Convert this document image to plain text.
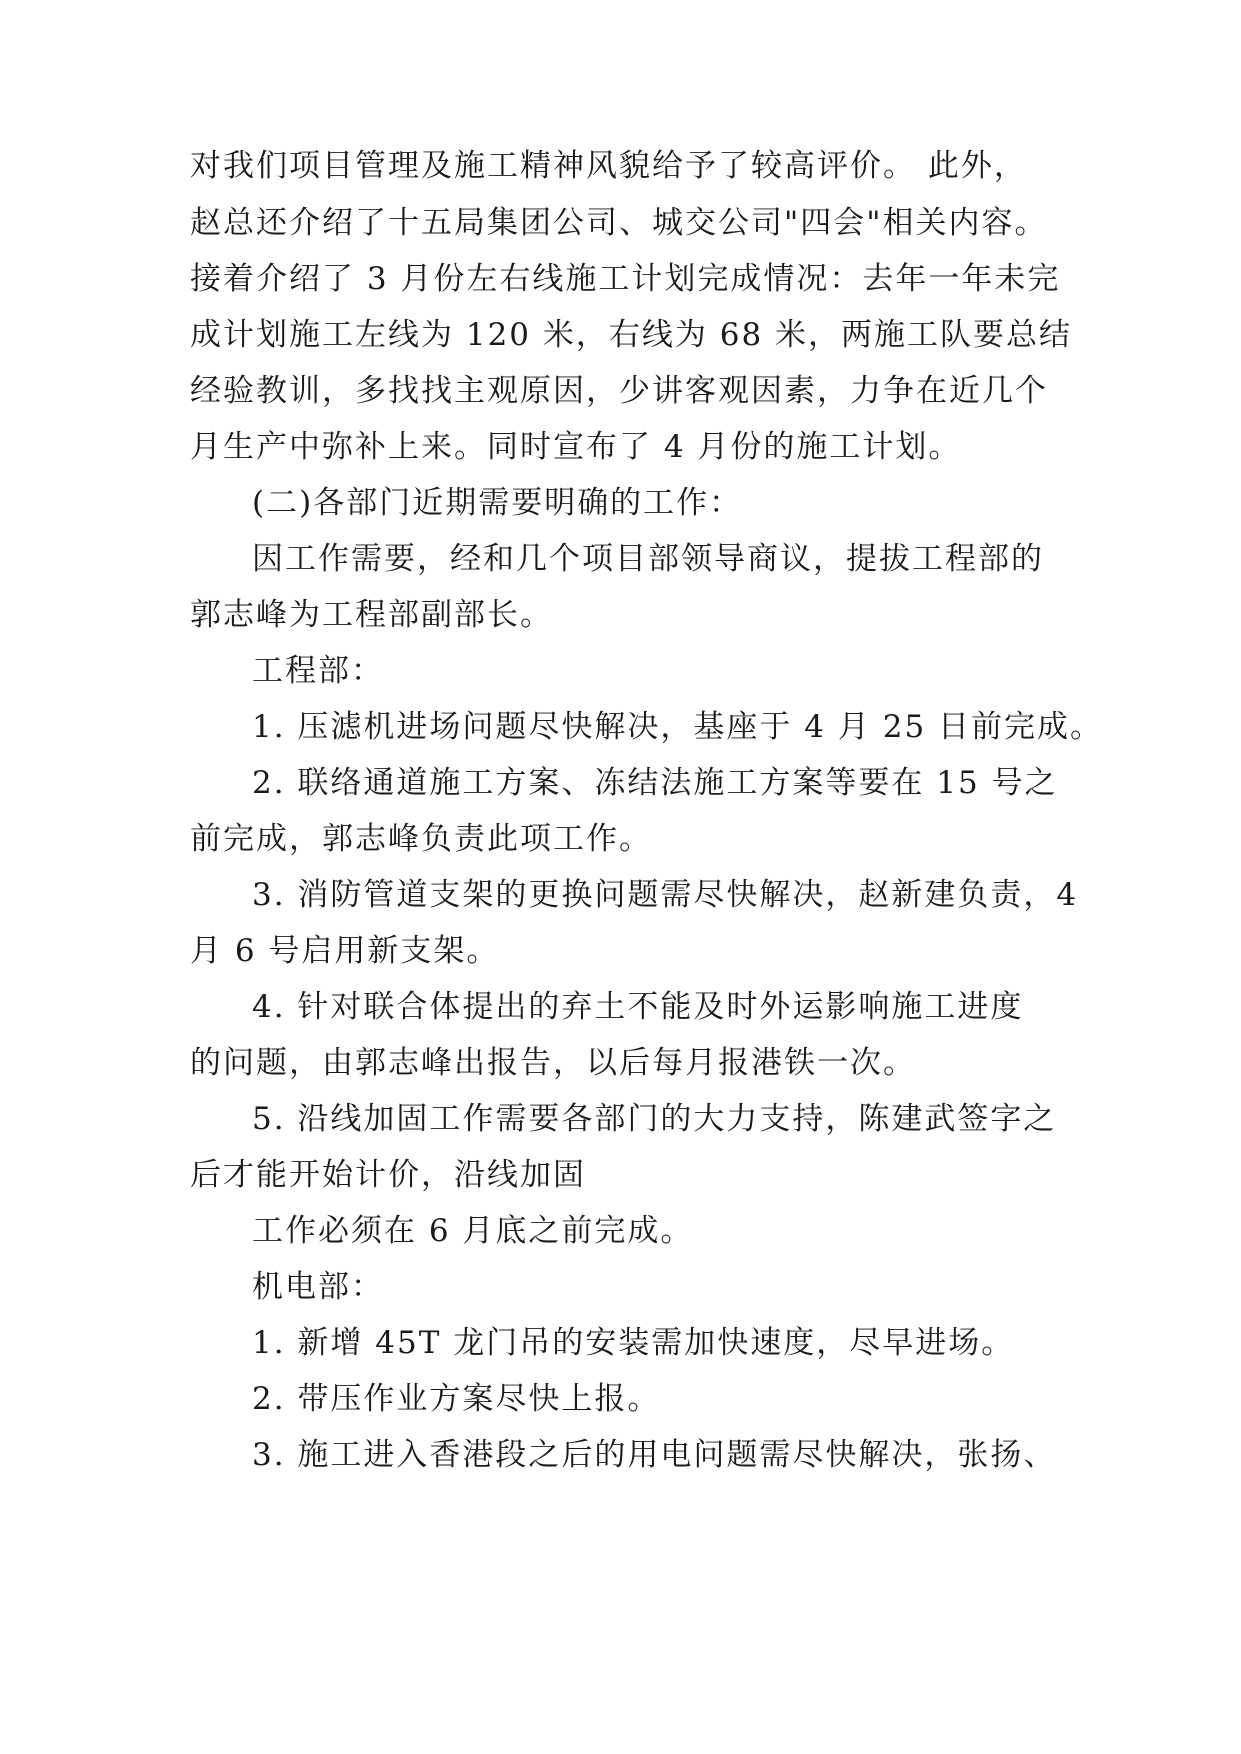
对我们项目管理及施工精神风貌给予了较高评价。 此外，
赵总还介绍了十五局集团公司、城交公司"四会"相关内容。
接着介绍了 3 月份左右线施工计划完成情况：去年一年未完
成计划施工左线为 120 米，右线为 68 米，两施工队要总结
经验教训，多找找主观原因，少讲客观因素，力争在近几个
月生产中弥补上来。同时宣布了 4 月份的施工计划。
(二)各部门近期需要明确的工作：
因工作需要，经和几个项目部领导商议，提拔工程部的
郭志峰为工程部副部长。
工程部：
1. 压滤机进场问题尽快解决，基座于 4 月 25 日前完成。
2. 联络通道施工方案、冻结法施工方案等要在 15 号之
前完成，郭志峰负责此项工作。
3. 消防管道支架的更换问题需尽快解决，赵新建负责，4
月 6 号启用新支架。
4. 针对联合体提出的弃土不能及时外运影响施工进度
的问题，由郭志峰出报告，以后每月报港铁一次。
5. 沿线加固工作需要各部门的大力支持，陈建武签字之
后才能开始计价，沿线加固
工作必须在 6 月底之前完成。
机电部：
1. 新增 45T 龙门吊的安装需加快速度，尽早进场。
2. 带压作业方案尽快上报。
3. 施工进入香港段之后的用电问题需尽快解决，张扬、
